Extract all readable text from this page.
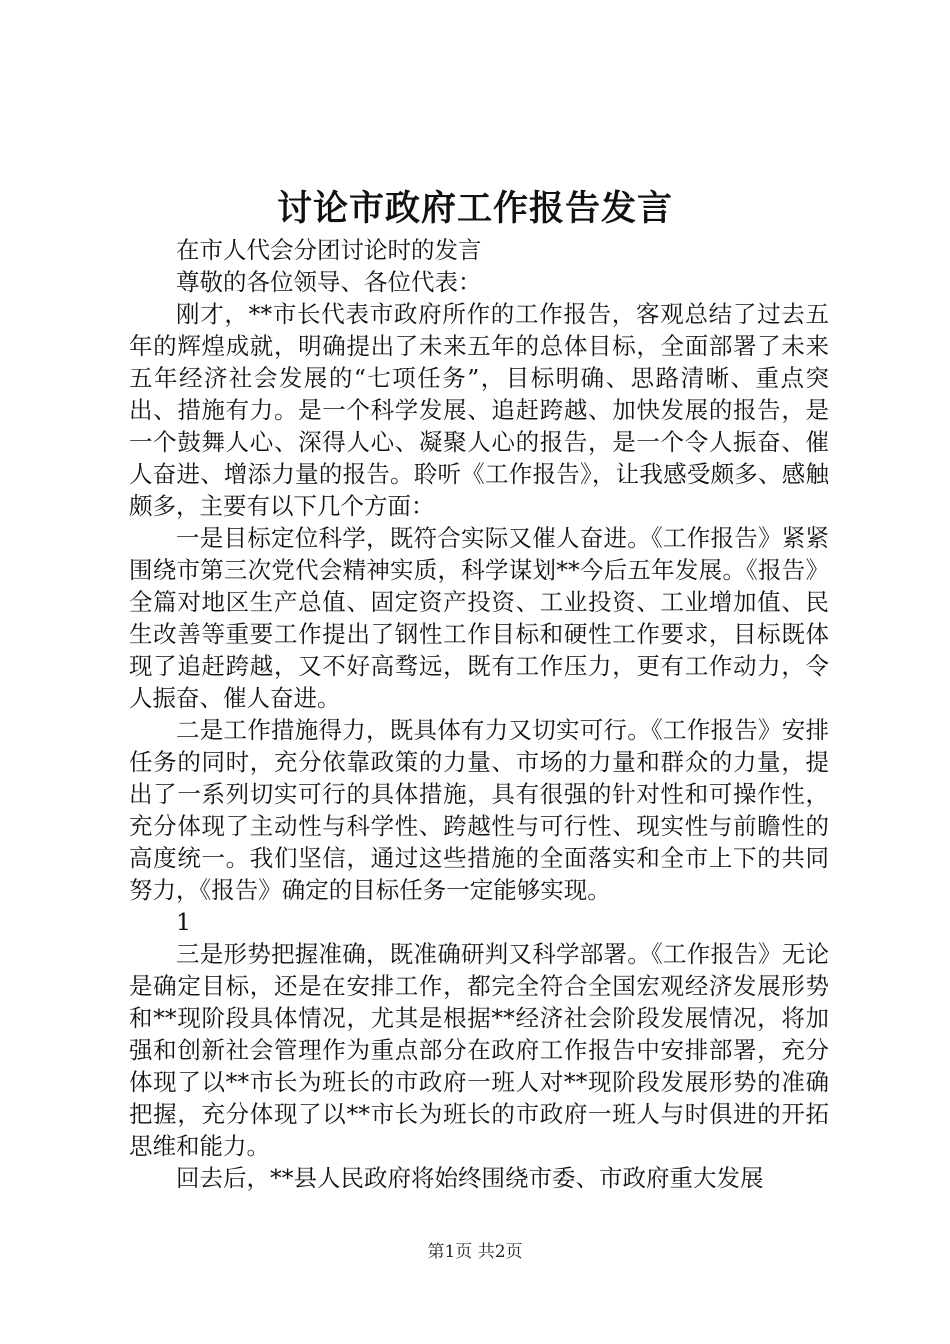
讨论市政府工作报告发言

在市人代会分团讨论时的发言

尊敬的各位领导、各位代表：

刚才，**市长代表市政府所作的工作报告，客观总结了过去五年的辉煌成就，明确提出了未来五年的总体目标，全面部署了未来五年经济社会发展的“七项任务”，目标明确、思路清晰、重点突出、措施有力。是一个科学发展、追赶跨越、加快发展的报告，是一个鼓舞人心、深得人心、凝聚人心的报告，是一个令人振奋、催人奋进、增添力量的报告。聆听《工作报告》，让我感受颇多、感触颇多，主要有以下几个方面：

一是目标定位科学，既符合实际又催人奋进。《工作报告》紧紧围绕市第三次党代会精神实质，科学谋划**今后五年发展。《报告》全篇对地区生产总值、固定资产投资、工业投资、工业增加值、民生改善等重要工作提出了钢性工作目标和硬性工作要求，目标既体现了追赶跨越，又不好高骛远，既有工作压力，更有工作动力，令人振奋、催人奋进。

二是工作措施得力，既具体有力又切实可行。《工作报告》安排任务的同时，充分依靠政策的力量、市场的力量和群众的力量，提出了一系列切实可行的具体措施，具有很强的针对性和可操作性，充分体现了主动性与科学性、跨越性与可行性、现实性与前瞻性的高度统一。我们坚信，通过这些措施的全面落实和全市上下的共同努力，《报告》确定的目标任务一定能够实现。

1

三是形势把握准确，既准确研判又科学部署。《工作报告》无论是确定目标，还是在安排工作，都完全符合全国宏观经济发展形势和**现阶段具体情况，尤其是根据**经济社会阶段发展情况，将加强和创新社会管理作为重点部分在政府工作报告中安排部署，充分体现了以**市长为班长的市政府一班人对**现阶段发展形势的准确把握，充分体现了以**市长为班长的市政府一班人与时俱进的开拓思维和能力。

回去后，**县人民政府将始终围绕市委、市政府重大发展

第1页 共2页
